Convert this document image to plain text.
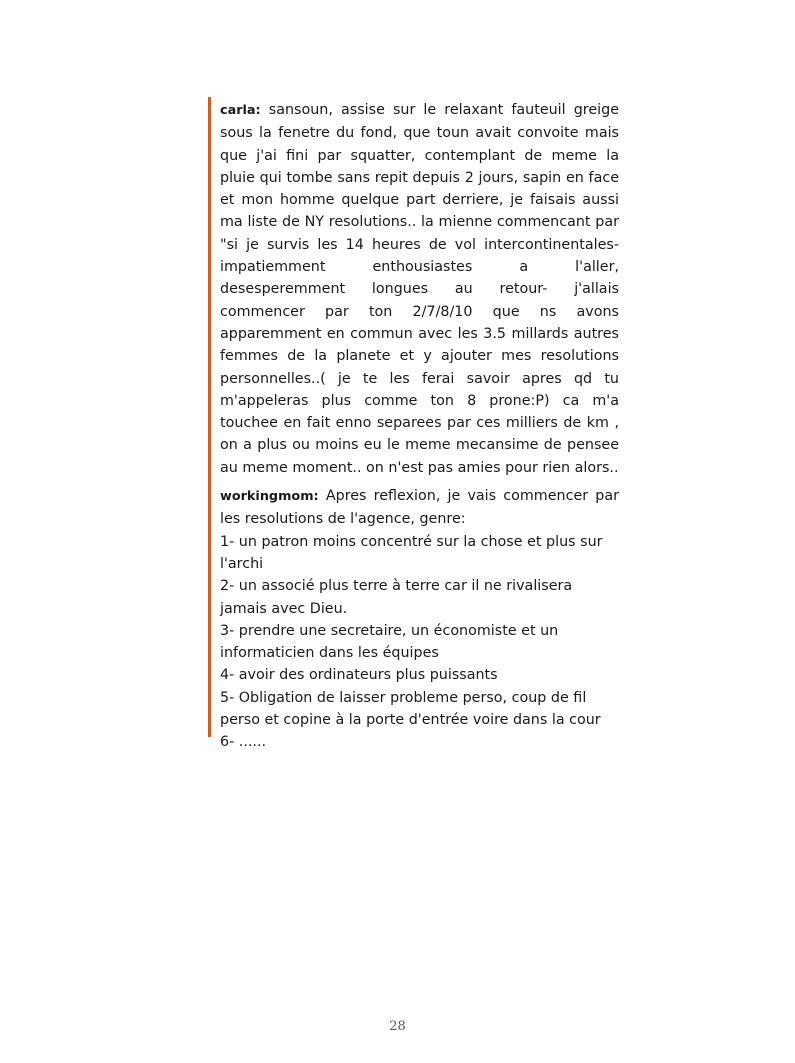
carla: sansoun, assise sur le relaxant fauteuil greige sous la fenetre du fond, que toun avait convoite mais que j'ai fini par squatter, contemplant de meme la pluie qui tombe sans repit depuis 2 jours, sapin en face et mon homme quelque part derriere, je faisais aussi ma liste de NY resolutions.. la mienne commencant par "si je survis les 14 heures de vol intercontinentales- impatiemment enthousiastes a l'aller, desesperemment longues au retour- j'allais commencer par ton 2/7/8/10 que ns avons apparemment en commun avec les 3.5 millards autres femmes de la planete et y ajouter mes resolutions personnelles..( je te les ferai savoir apres qd tu m'appeleras plus comme ton 8 prone:P) ca m'a touchee en fait enno separees par ces milliers de km , on a plus ou moins eu le meme mecansime de pensee au meme moment.. on n'est pas amies pour rien alors..

workingmom: Apres reflexion, je vais commencer par les resolutions de l'agence, genre:
1- un patron moins concentré sur la chose et plus sur l'archi
2- un associé plus terre à terre car il ne rivalisera jamais avec Dieu.
3- prendre une secretaire, un économiste et un informaticien dans les équipes
4- avoir des ordinateurs plus puissants
5- Obligation de laisser probleme perso, coup de fil perso et copine à la porte d'entrée voire dans la cour
6- ......

28
